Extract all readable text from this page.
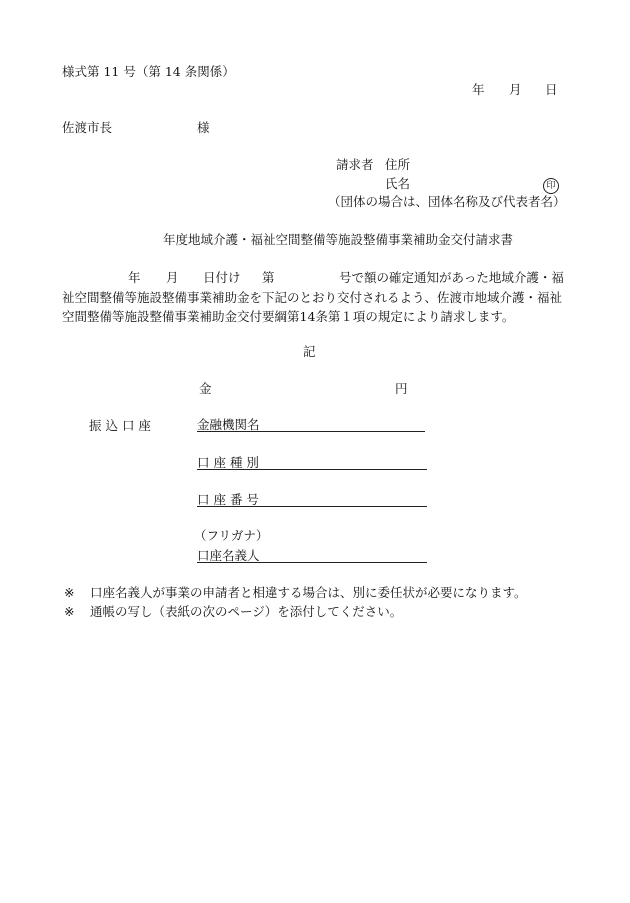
様式第 11 号（第 14 条関係）
年 月 日
佐渡市長	様
請求者 住所
氏名	印
（団体の場合は、団体名称及び代表者名）
年度地域介護・福祉空間整備等施設整備事業補助金交付請求書
年 月 日付け 第	号で額の確定通知があった地域介護・福
祉空間整備等施設整備事業補助金を下記のとおり交付されるよう、佐渡市地域介護・福祉
空間整備等施設整備事業補助金交付要綱第14条第１項の規定により請求します。
記
金	円
振 込 口 座	金融機関名
口 座 種 別
口 座 番 号
（フリガナ）
口座名義人
※ 口座名義人が事業の申請者と相違する場合は、別に委任状が必要になります。
※ 通帳の写し（表紙の次のページ）を添付してください。
